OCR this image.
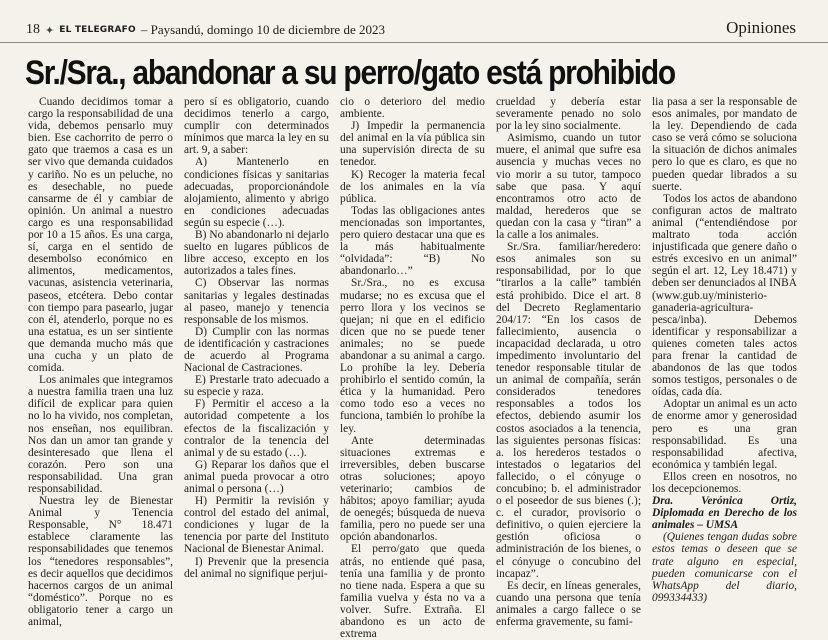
18 ✦ EL TELEGRAFO – Paysandú, domingo 10 de diciembre de 2023	Opiniones
Sr./Sra., abandonar a su perro/gato está prohibido

Cuando decidimos tomar a cargo la responsabilidad de una vida, debemos pensarlo muy bien. Ese cachorrito de perro o gato que traemos a casa es un ser vivo que demanda cuidados y cariño. No es un peluche, no es desechable, no puede cansarme de él y cambiar de opinión. Un animal a nuestro cargo es una responsabilidad por 10 a 15 años. Es una carga, sí, carga en el sentido de desembolso económico en alimentos, medicamentos, vacunas, asistencia veterinaria, paseos, etcétera. Debo contar con tiempo para pasearlo, jugar con él, atenderlo, porque no es una estatua, es un ser sintiente que demanda mucho más que una cucha y un plato de comida.

Los animales que integramos a nuestra familia traen una luz difícil de explicar para quien no lo ha vivido, nos completan, nos enseñan, nos equilibran. Nos dan un amor tan grande y desinteresado que llena el corazón. Pero son una responsabilidad. Una gran responsabilidad.

Nuestra ley de Bienestar Animal y Tenencia Responsable, N° 18.471 establece claramente las responsabilidades que tenemos los “tenedores responsables”, es decir aquellos que decidimos hacernos cargos de un animal “doméstico”. Porque no es obligatorio tener a cargo un animal,

pero sí es obligatorio, cuando decidimos tenerlo a cargo, cumplir con determinados mínimos que marca la ley en su art. 9, a saber:

A) Mantenerlo en condiciones físicas y sanitarias adecuadas, proporcionándole alojamiento, alimento y abrigo en condiciones adecuadas según su especie (…).

B) No abandonarlo ni dejarlo suelto en lugares públicos de libre acceso, excepto en los autorizados a tales fines.

C) Observar las normas sanitarias y legales destinadas al paseo, manejo y tenencia responsable de los mismos.

D) Cumplir con las normas de identificación y castraciones de acuerdo al Programa Nacional de Castraciones.

E) Prestarle trato adecuado a su especie y raza.

F) Permitir el acceso a la autoridad competente a los efectos de la fiscalización y contralor de la tenencia del animal y de su estado (…).

G) Reparar los daños que el animal pueda provocar a otro animal o persona (…)

H) Permitir la revisión y control del estado del animal, condiciones y lugar de la tenencia por parte del Instituto Nacional de Bienestar Animal.

I) Prevenir que la presencia del animal no signifique perjui-

cio o deterioro del medio ambiente.

J) Impedir la permanencia del animal en la vía pública sin una supervisión directa de su tenedor.

K) Recoger la materia fecal de los animales en la vía pública.

Todas las obligaciones antes mencionadas son importantes, pero quiero destacar una que es la más habitualmente “olvidada”: “B) No abandonarlo…”

Sr./Sra., no es excusa mudarse; no es excusa que el perro llora y los vecinos se quejan; ni que en el edificio dicen que no se puede tener animales; no se puede abandonar a su animal a cargo. Lo prohíbe la ley. Debería prohibirlo el sentido común, la ética y la humanidad. Pero como todo eso a veces no funciona, también lo prohíbe la ley.

Ante determinadas situaciones extremas e irreversibles, deben buscarse otras soluciones; apoyo veterinario; cambios de hábitos; apoyo familiar; ayuda de oenegés; búsqueda de nueva familia, pero no puede ser una opción abandonarlos.

El perro/gato que queda atrás, no entiende qué pasa, tenía una familia y de pronto no tiene nada. Espera a que su familia vuelva y ésta no va a volver. Sufre. Extraña. El abandono es un acto de extrema

crueldad y debería estar severamente penado no solo por la ley sino socialmente.

Asimismo, cuando un tutor muere, el animal que sufre esa ausencia y muchas veces no vio morir a su tutor, tampoco sabe que pasa. Y aquí encontramos otro acto de maldad, herederos que se quedan con la casa y “tiran” a la calle a los animales.

Sr./Sra. familiar/heredero: esos animales son su responsabilidad, por lo que “tirarlos a la calle” también está prohibido. Dice el art. 8 del Decreto Reglamentario 204/17: “En los casos de fallecimiento, ausencia o incapacidad declarada, u otro impedimento involuntario del tenedor responsable titular de un animal de compañía, serán considerados tenedores responsables a todos los efectos, debiendo asumir los costos asociados a la tenencia, las siguientes personas físicas: a. los herederos testados o intestados o legatarios del fallecido, o el cónyuge o concubino; b. el administrador o el poseedor de sus bienes (.); c. el curador, provisorio o definitivo, o quien ejerciere la gestión oficiosa o administración de los bienes, o el cónyuge o concubino del incapaz”.

Es decir, en líneas generales, cuando una persona que tenía animales a cargo fallece o se enferma gravemente, su fami-

lia pasa a ser la responsable de esos animales, por mandato de la ley. Dependiendo de cada caso se verá cómo se soluciona la situación de dichos animales pero lo que es claro, es que no pueden quedar librados a su suerte.

Todos los actos de abandono configuran actos de maltrato animal (“entendiéndose por maltrato toda acción injustificada que genere daño o estrés excesivo en un animal” según el art. 12, Ley 18.471) y deben ser denunciados al INBA (www.gub.uy/ministerio-ganaderia-agricultura-pesca/inba). Debemos identificar y responsabilizar a quienes cometen tales actos para frenar la cantidad de abandonos de las que todos somos testigos, personales o de oídas, cada día.

Adoptar un animal es un acto de enorme amor y generosidad pero es una gran responsabilidad. Es una responsabilidad afectiva, económica y también legal.

Ellos creen en nosotros, no los decepcionemos.

Dra. Verónica Ortiz, Diplomada en Derecho de los animales – UMSA

(Quienes tengan dudas sobre estos temas o deseen que se trate alguno en especial, pueden comunicarse con el WhatsApp del diario, 099334433)
